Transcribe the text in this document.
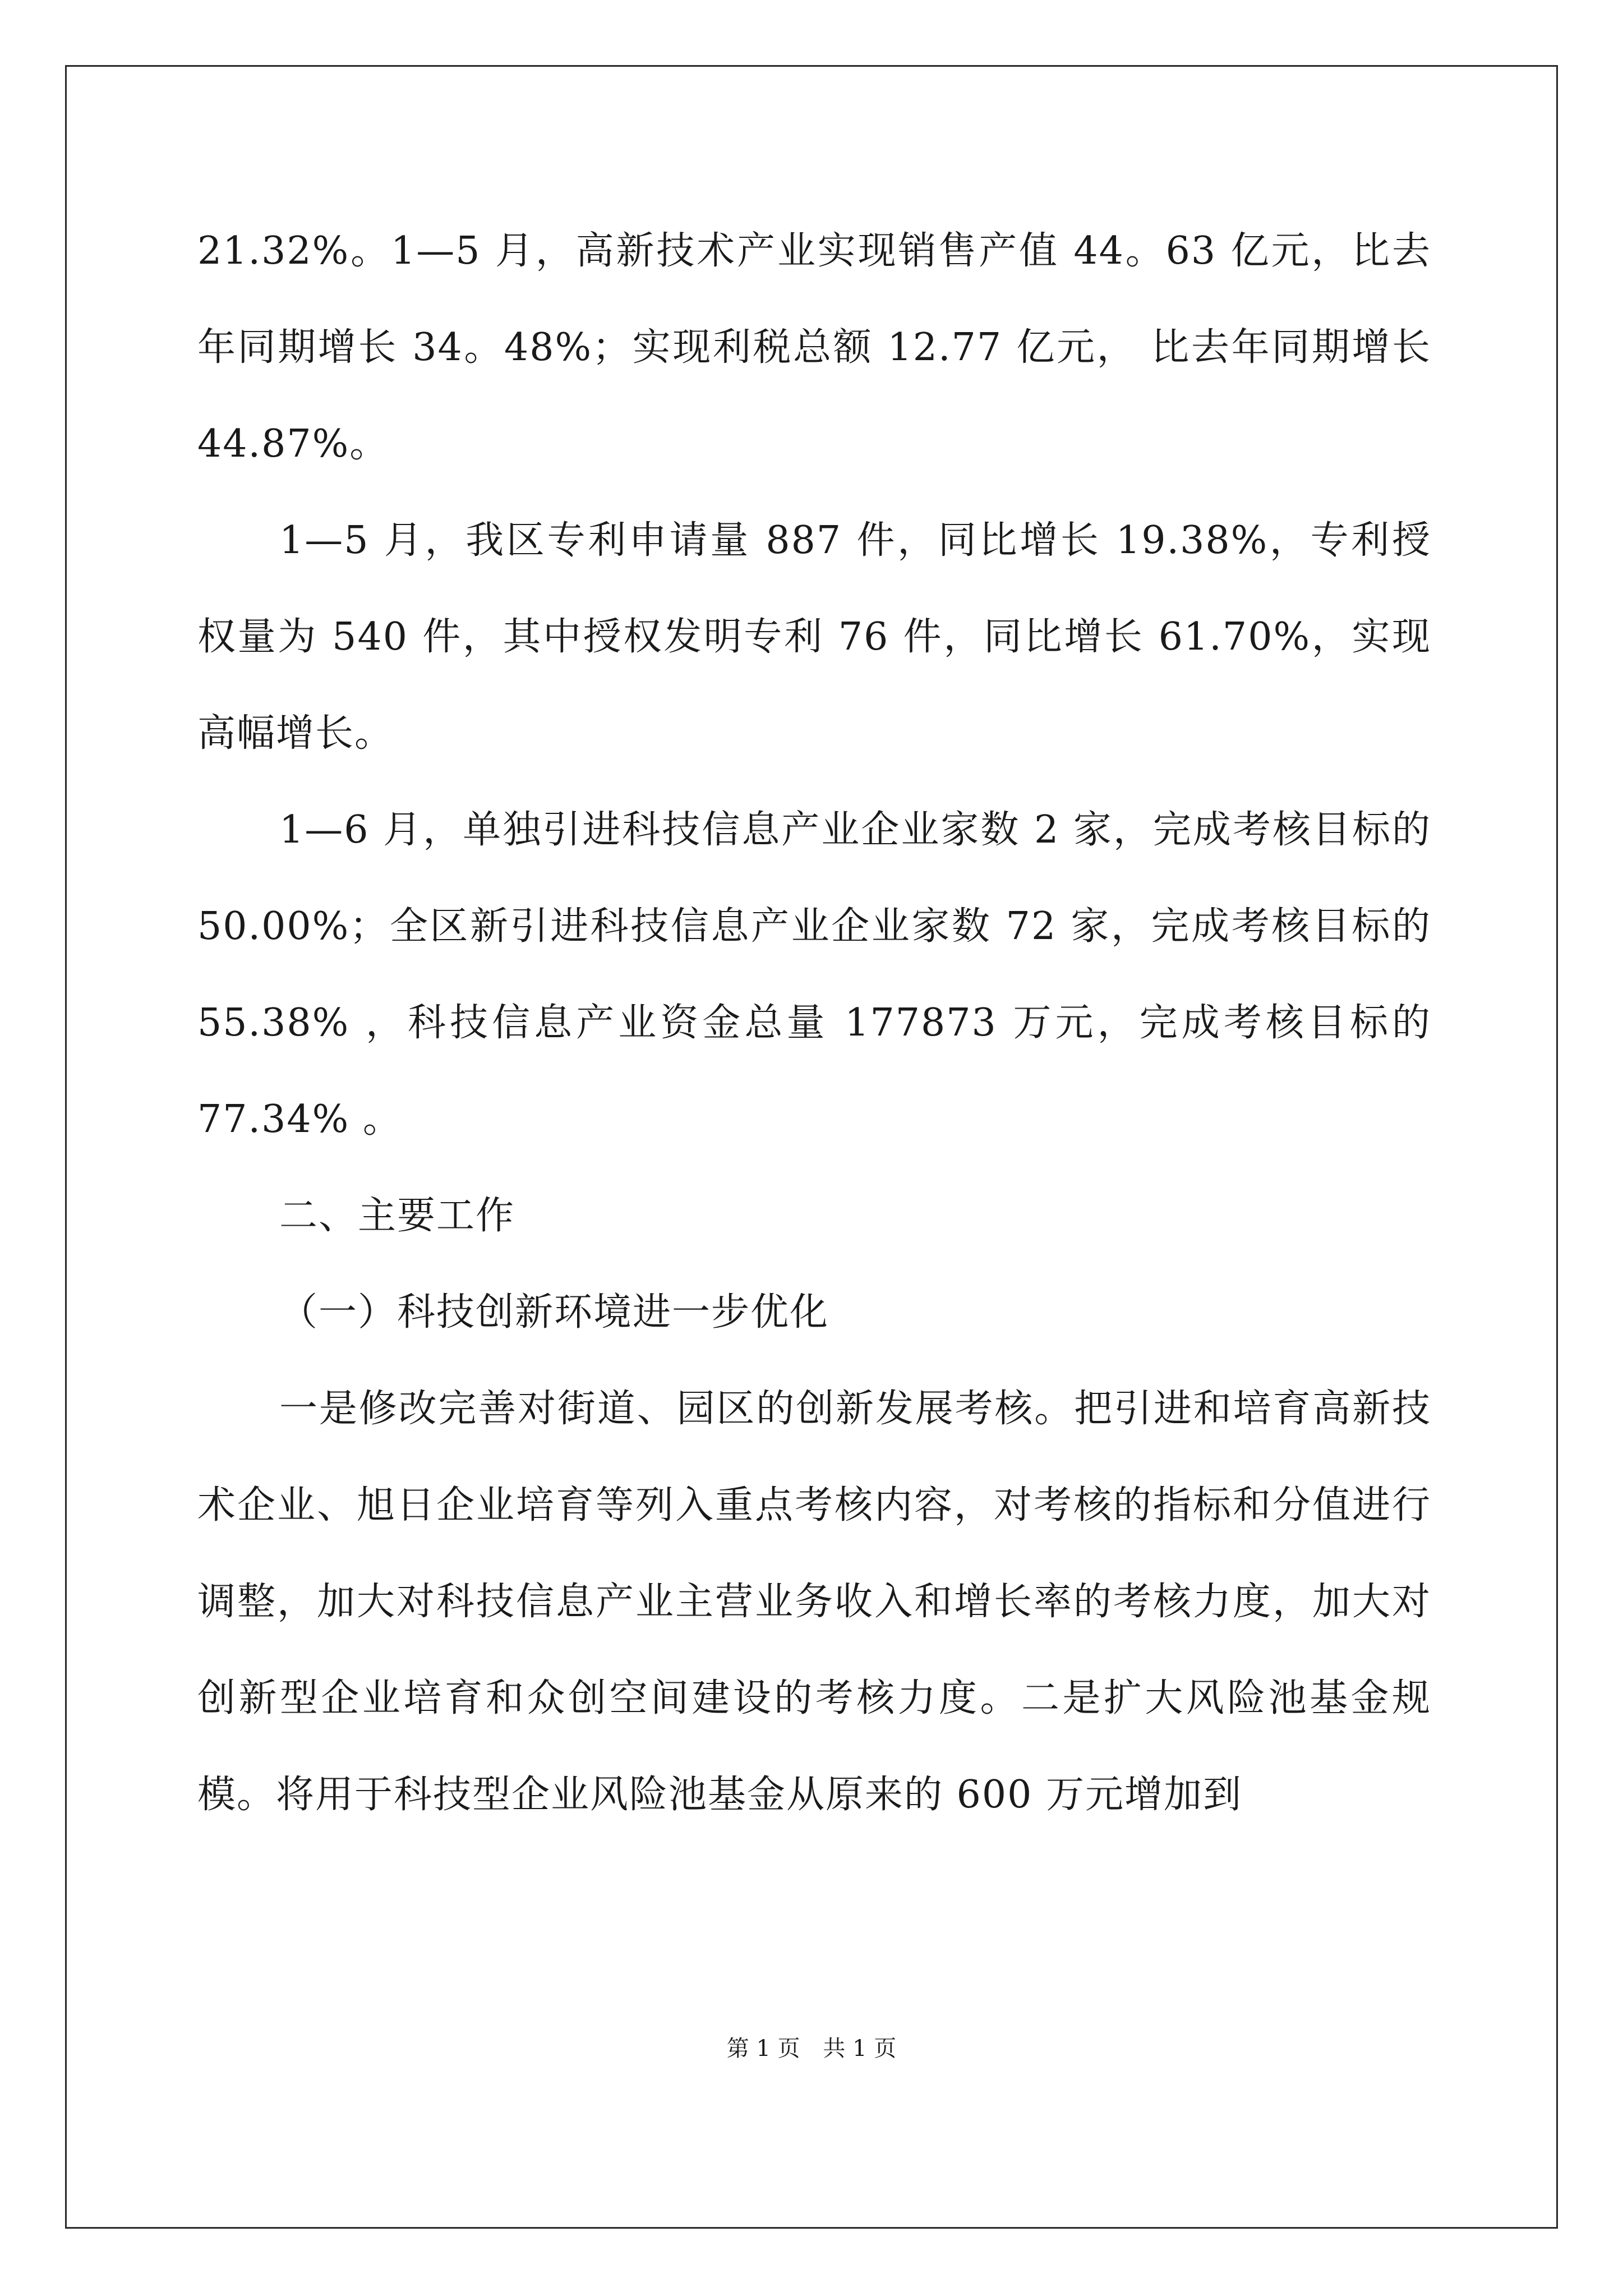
21.32%。1—5 月，高新技术产业实现销售产值 44。63 亿元，比去年同期增长 34。48%；实现利税总额 12.77 亿元， 比去年同期增长 44.87%。

1—5 月，我区专利申请量 887 件，同比增长 19.38%，专利授权量为 540 件，其中授权发明专利 76 件，同比增长 61.70%，实现高幅增长。

1—6 月，单独引进科技信息产业企业家数 2 家，完成考核目标的 50.00%；全区新引进科技信息产业企业家数 72 家，完成考核目标的 55.38% ，科技信息产业资金总量 177873 万元，完成考核目标的 77.34% 。

二、主要工作

（一）科技创新环境进一步优化

一是修改完善对街道、园区的创新发展考核。把引进和培育高新技术企业、旭日企业培育等列入重点考核内容，对考核的指标和分值进行调整，加大对科技信息产业主营业务收入和增长率的考核力度，加大对创新型企业培育和众创空间建设的考核力度。二是扩大风险池基金规模。将用于科技型企业风险池基金从原来的 600 万元增加到

第 1 页 共 1 页
